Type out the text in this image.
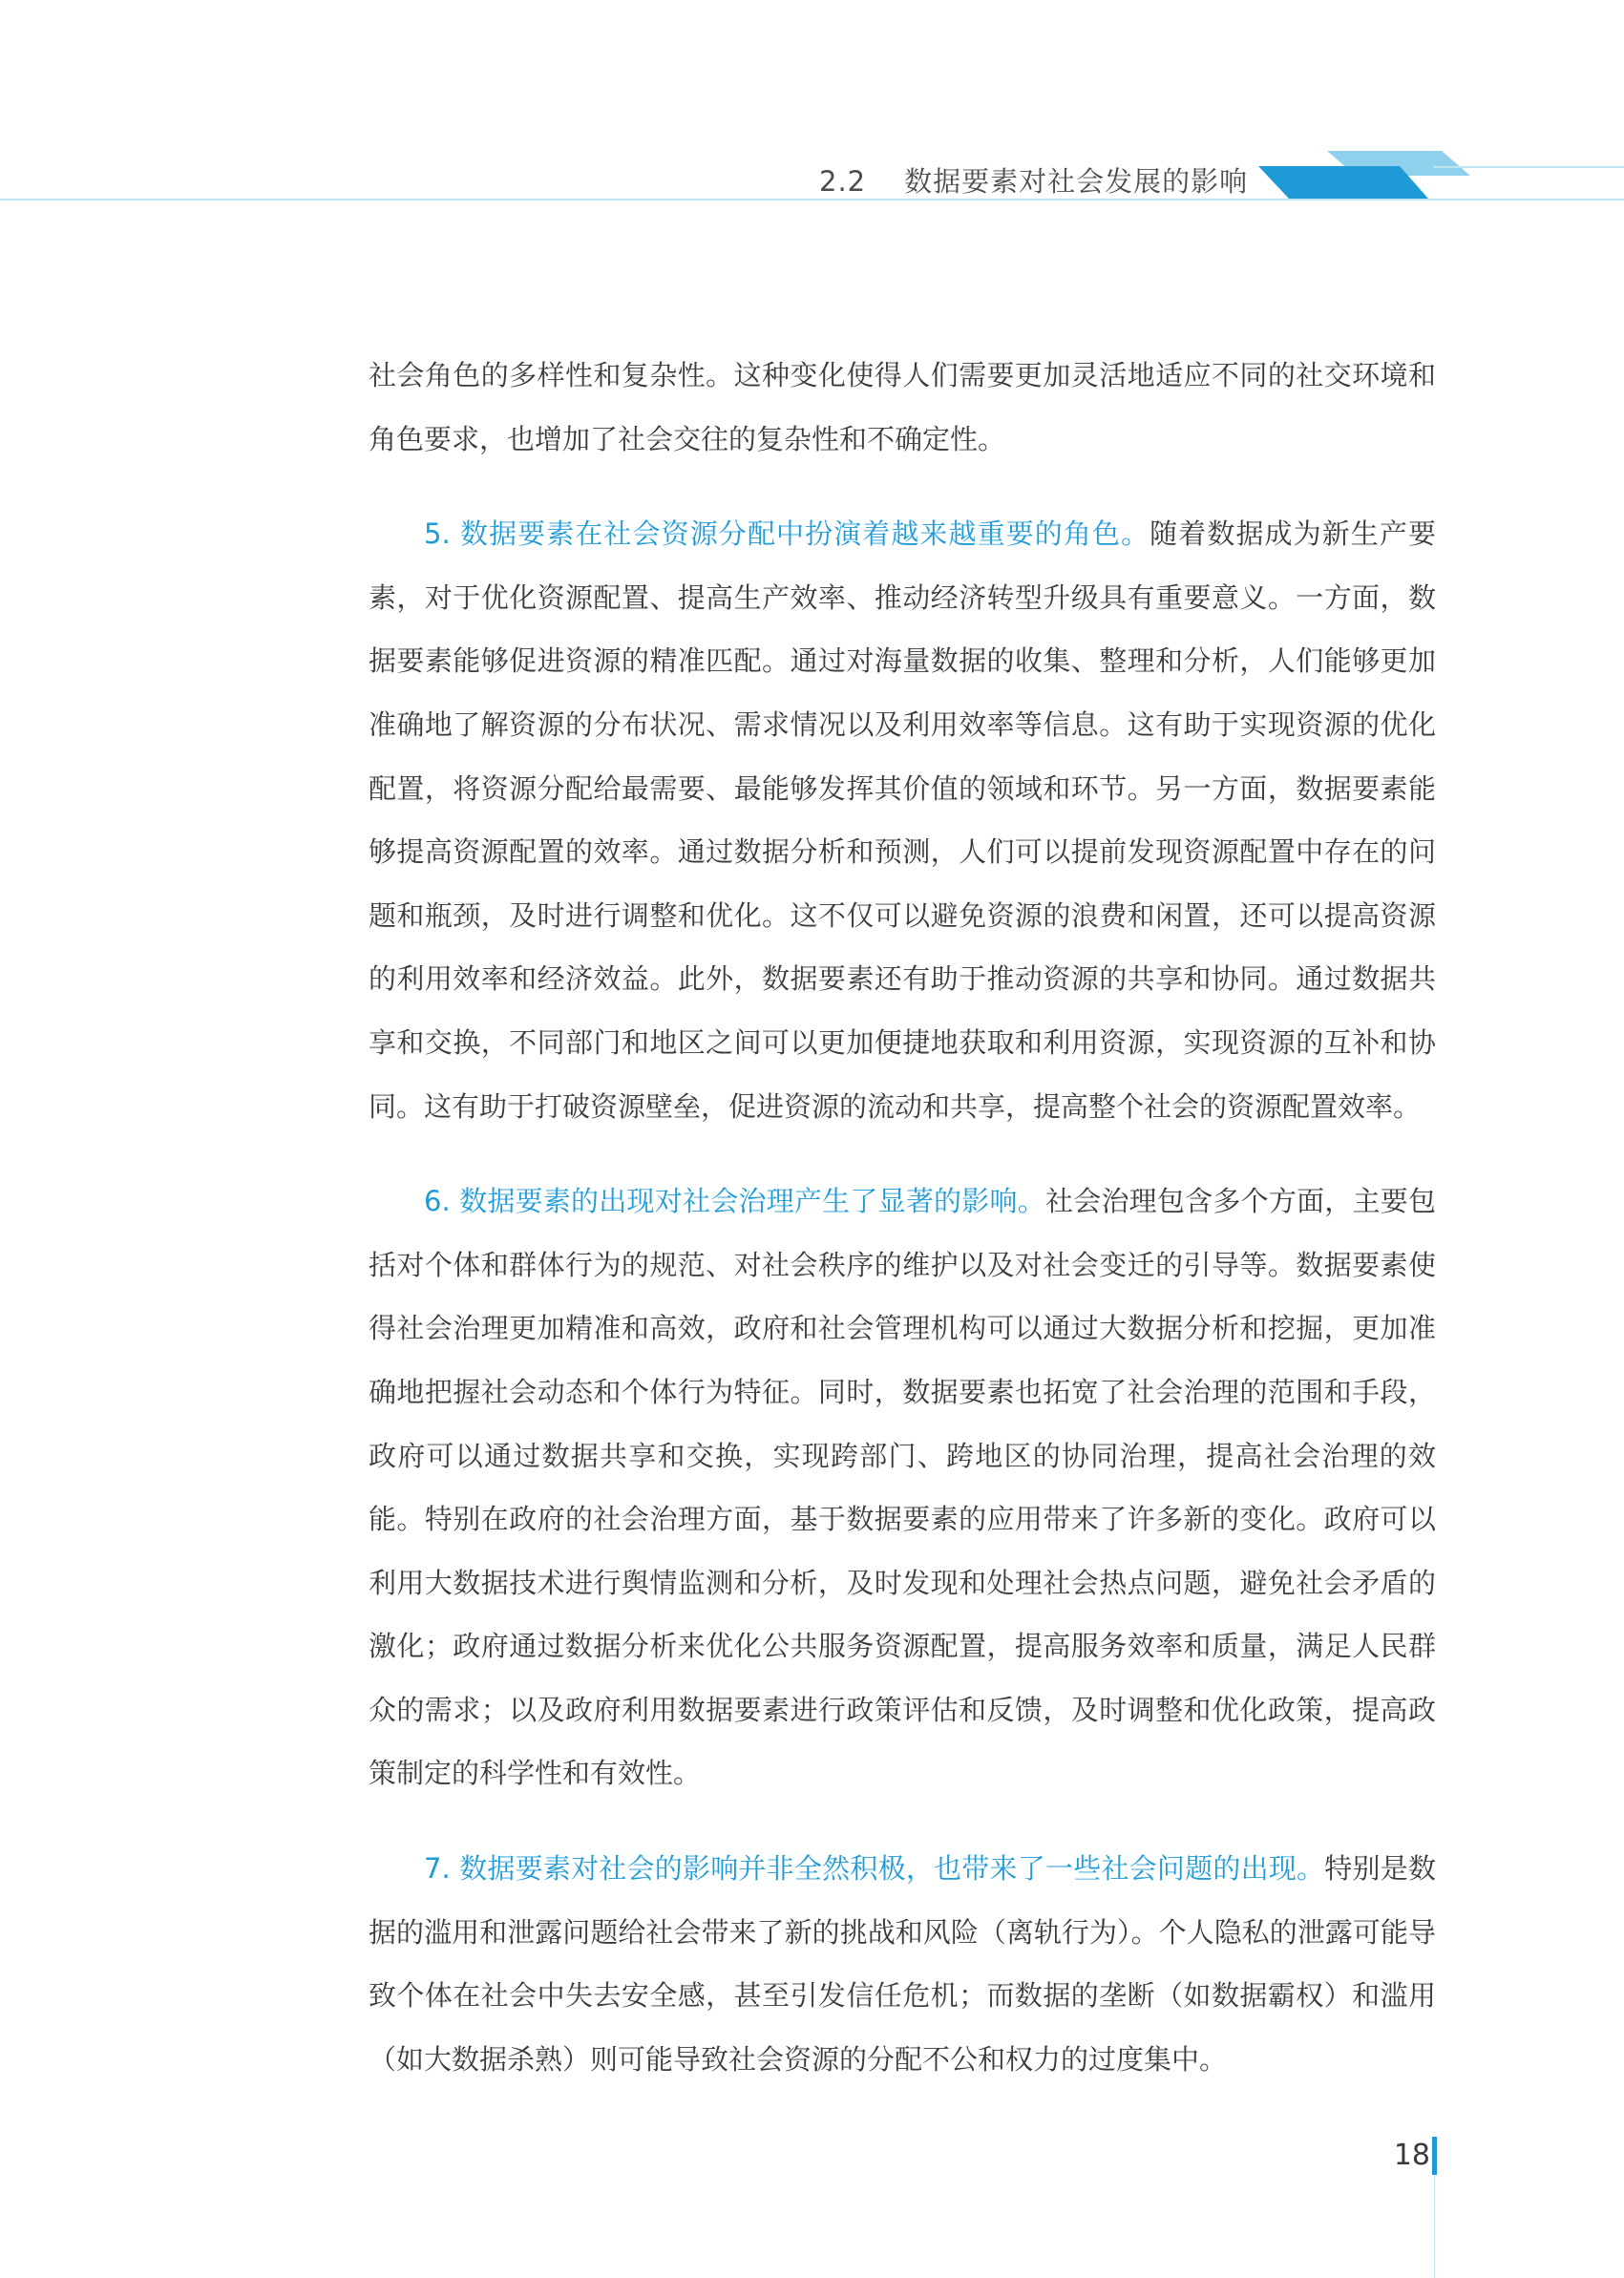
2.2 数据要素对社会发展的影响

社会角色的多样性和复杂性。这种变化使得人们需要更加灵活地适应不同的社交环境和角色要求，也增加了社会交往的复杂性和不确定性。

5. 数据要素在社会资源分配中扮演着越来越重要的角色。随着数据成为新生产要素，对于优化资源配置、提高生产效率、推动经济转型升级具有重要意义。一方面，数据要素能够促进资源的精准匹配。通过对海量数据的收集、整理和分析，人们能够更加准确地了解资源的分布状况、需求情况以及利用效率等信息。这有助于实现资源的优化配置，将资源分配给最需要、最能够发挥其价值的领域和环节。另一方面，数据要素能够提高资源配置的效率。通过数据分析和预测，人们可以提前发现资源配置中存在的问题和瓶颈，及时进行调整和优化。这不仅可以避免资源的浪费和闲置，还可以提高资源的利用效率和经济效益。此外，数据要素还有助于推动资源的共享和协同。通过数据共享和交换，不同部门和地区之间可以更加便捷地获取和利用资源，实现资源的互补和协同。这有助于打破资源壁垒，促进资源的流动和共享，提高整个社会的资源配置效率。

6. 数据要素的出现对社会治理产生了显著的影响。社会治理包含多个方面，主要包括对个体和群体行为的规范、对社会秩序的维护以及对社会变迁的引导等。数据要素使得社会治理更加精准和高效，政府和社会管理机构可以通过大数据分析和挖掘，更加准确地把握社会动态和个体行为特征。同时，数据要素也拓宽了社会治理的范围和手段，政府可以通过数据共享和交换，实现跨部门、跨地区的协同治理，提高社会治理的效能。特别在政府的社会治理方面，基于数据要素的应用带来了许多新的变化。政府可以利用大数据技术进行舆情监测和分析，及时发现和处理社会热点问题，避免社会矛盾的激化；政府通过数据分析来优化公共服务资源配置，提高服务效率和质量，满足人民群众的需求；以及政府利用数据要素进行政策评估和反馈，及时调整和优化政策，提高政策制定的科学性和有效性。

7. 数据要素对社会的影响并非全然积极，也带来了一些社会问题的出现。特别是数据的滥用和泄露问题给社会带来了新的挑战和风险（离轨行为）。个人隐私的泄露可能导致个体在社会中失去安全感，甚至引发信任危机；而数据的垄断（如数据霸权）和滥用（如大数据杀熟）则可能导致社会资源的分配不公和权力的过度集中。

18
